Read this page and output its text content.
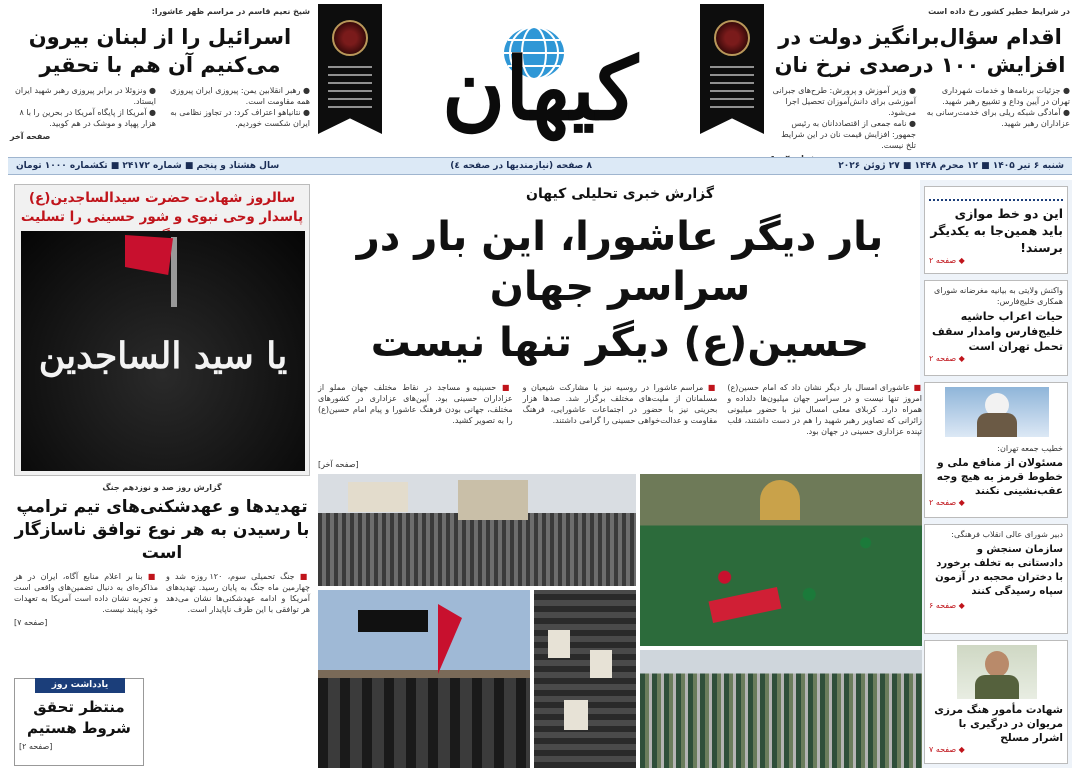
در شرایط خطیر کشور رخ داده است
اقدام سؤال‌برانگیز دولت در افزایش ۱۰۰ درصدی نرخ نان
● جزئیات برنامه‌ها و خدمات شهرداری تهران در آیین وداع و تشییع رهبر شهید.
● آمادگی شبکه ریلی برای خدمت‌رسانی به عزاداران رهبر شهید.
● وزیر آموزش و پرورش: طرح‌های جبرانی آموزشی برای دانش‌آموزان تحصیل اجرا می‌شود.
● نامه جمعی از اقتصاددانان به رئیس جمهور: افزایش قیمت نان در این شرایط تلخ نیست.
کیهان
شیخ نعیم قاسم در مراسم ظهر عاشورا:
اسرائیل را از لبنان بیرون می‌کنیم آن هم با تحقیر
● رهبر انقلابین یمن: پیروزی ایران پیروزی همه مقاومت است.
● نتانیاهو اعتراف کرد: در تجاوز نظامی به ایران شکست خوردیم.
● ونزوئلا در برابر پیروزی رهبر شهید ایران ایستاد.
● آمریکا از پایگاه آمریکا در بحرین را با ۸ هزار پهپاد و موشک در هم کوبید.
صفحه آخر
شنبه ۶ تیر ۱۴۰۵ ■ ۱۲ محرم ۱۴۴۸ ■ ۲۷ ژوئن ۲۰۲۶
۸ صفحه (نیازمندیها در صفحه ٤)
سال هشتاد و پنجم ■ شماره ۲۴۱۷۲ ■ تکشماره ۱۰۰۰ تومان
این دو خط موازی باید همین‌جا به یکدیگر برسند!
◆ صفحه ۲
واکنش ولایتی به بیانیه مغرضانه شورای همکاری خلیج‌فارس:
حیات اعراب حاشیه خلیج‌فارس وامدار سقف تحمل تهران است
◆ صفحه ۲
خطیب جمعه تهران:
مسئولان از منافع ملی و خطوط قرمز به هیچ وجه عقب‌نشینی نکنند
◆ صفحه ۲
دبیر شورای عالی انقلاب فرهنگی:
سازمان سنجش و دادستانی به تخلف برخورد با دختران محجبه در آزمون سپاه رسیدگی کنند
◆ صفحه ۶
شهادت مأمور هنگ مرزی مریوان در درگیری با اشرار مسلح
◆ صفحه ۷
گزارش خبری تحلیلی کیهان
بار دیگر عاشورا، این بار در سراسر جهان
حسین(ع) دیگر تنها نیست
■ عاشورای امسال بار دیگر نشان داد که امام حسین(ع) امروز تنها نیست و در سراسر جهان میلیون‌ها دلداده و همراه دارد. کربلای معلی امسال نیز با حضور میلیونی زائرانی که تصاویر رهبر شهید را هم در دست داشتند، قلب تپنده عزاداری حسینی در جهان بود.
■ مراسم عاشورا در روسیه نیز با مشارکت شیعیان و مسلمانان از ملیت‌های مختلف برگزار شد. صدها هزار بحرینی نیز با حضور در اجتماعات عاشورایی، فرهنگ مقاومت و عدالت‌خواهی حسینی را گرامی داشتند.
■ حسینیه و مساجد در نقاط مختلف جهان مملو از عزاداران حسینی بود. آیین‌های عزاداری در کشورهای مختلف، جهانی بودن فرهنگ عاشورا و پیام امام حسین(ع) را به تصویر کشید.
[صفحه آخر]
سالروز شهادت حضرت سیدالساجدین(ع)
پاسدار وحی نبوی و شور حسینی را تسلیت
یا سید الساجدین
گزارش روز صد و نوزدهم جنگ
تهدیدها و عهدشکنی‌های تیم ترامپ با رسیدن به هر نوع توافق ناسازگار است
■ جنگ تحمیلی سوم، ۱۲۰ روزه شد و چهارمین ماه جنگ به پایان رسید. تهدیدهای آمریکا و ادامه عهدشکنی‌ها نشان می‌دهد هر توافقی با این طرف ناپایدار است.
■ بنا بر اعلام منابع آگاه، ایران در هر مذاکره‌ای به دنبال تضمین‌های واقعی است و تجربه نشان داده است آمریکا به تعهدات خود پایبند نیست.
[صفحه ۷]
یادداشت روز
منتظر تحقق شروط هستیم
[صفحه ۲]
